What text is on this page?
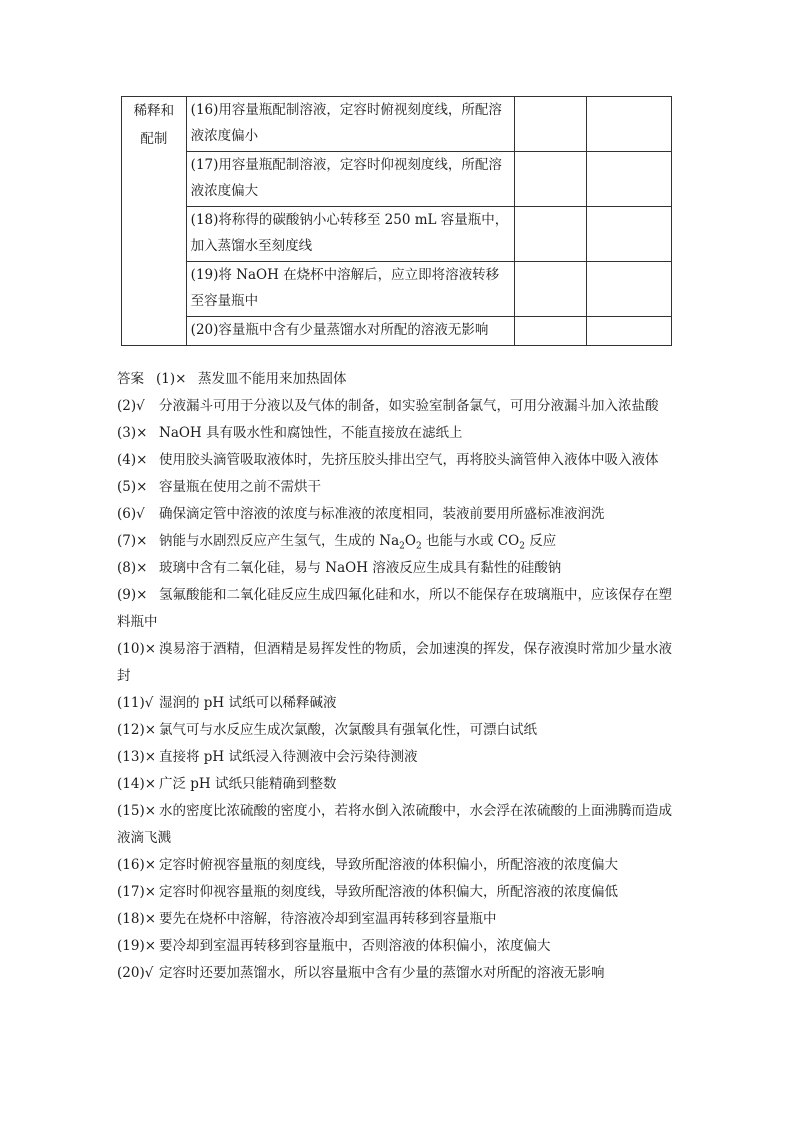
稀释和
配制	(16)用容量瓶配制溶液，定容时俯视刻度线，所配溶液浓度偏小		
	(17)用容量瓶配制溶液，定容时仰视刻度线，所配溶液浓度偏大		
	(18)将称得的碳酸钠小心转移至 250 mL 容量瓶中，加入蒸馏水至刻度线		
	(19)将 NaOH 在烧杯中溶解后，应立即将溶液转移至容量瓶中		
	(20)容量瓶中含有少量蒸馏水对所配的溶液无影响		

答案 (1)× 蒸发皿不能用来加热固体

(2)√ 分液漏斗可用于分液以及气体的制备，如实验室制备氯气，可用分液漏斗加入浓盐酸

(3)× NaOH 具有吸水性和腐蚀性，不能直接放在滤纸上

(4)× 使用胶头滴管吸取液体时，先挤压胶头排出空气，再将胶头滴管伸入液体中吸入液体

(5)× 容量瓶在使用之前不需烘干

(6)√ 确保滴定管中溶液的浓度与标准液的浓度相同，装液前要用所盛标准液润洗

(7)× 钠能与水剧烈反应产生氢气，生成的 $Na_2O_2$ 也能与水或 $CO_2$ 反应

(8)× 玻璃中含有二氧化硅，易与 NaOH 溶液反应生成具有黏性的硅酸钠

(9)× 氢氟酸能和二氧化硅反应生成四氟化硅和水，所以不能保存在玻璃瓶中，应该保存在塑料瓶中

(10)× 溴易溶于酒精，但酒精是易挥发性的物质，会加速溴的挥发，保存液溴时常加少量水液封

(11)√ 湿润的 pH 试纸可以稀释碱液

(12)× 氯气可与水反应生成次氯酸，次氯酸具有强氧化性，可漂白试纸

(13)× 直接将 pH 试纸浸入待测液中会污染待测液

(14)× 广泛 pH 试纸只能精确到整数

(15)× 水的密度比浓硫酸的密度小，若将水倒入浓硫酸中，水会浮在浓硫酸的上面沸腾而造成液滴飞溅

(16)× 定容时俯视容量瓶的刻度线，导致所配溶液的体积偏小，所配溶液的浓度偏大

(17)× 定容时仰视容量瓶的刻度线，导致所配溶液的体积偏大，所配溶液的浓度偏低

(18)× 要先在烧杯中溶解，待溶液冷却到室温再转移到容量瓶中

(19)× 要冷却到室温再转移到容量瓶中，否则溶液的体积偏小，浓度偏大

(20)√ 定容时还要加蒸馏水，所以容量瓶中含有少量的蒸馏水对所配的溶液无影响
